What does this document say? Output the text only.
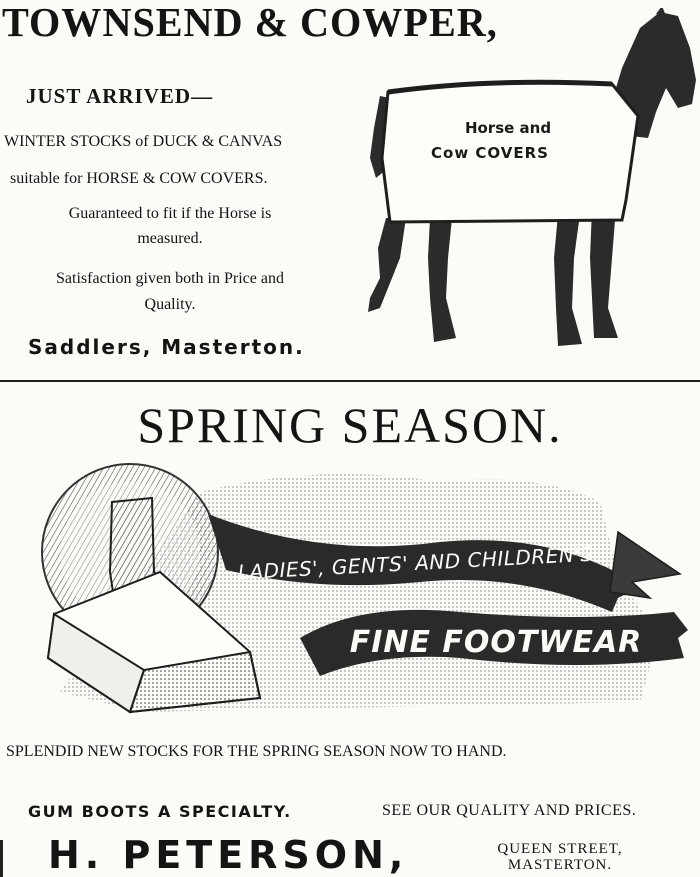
TOWNSEND & COWPER,
JUST ARRIVED—
WINTER STOCKS of DUCK & CANVAS
suitable for HORSE & COW COVERS.
Guaranteed to fit if the Horse is
measured.
Satisfaction given both in Price and
Quality.
Saddlers, Masterton.
Horse and
Cow COVERS
SPRING SEASON.
LADIES', GENTS' AND CHILDREN'S
FINE FOOTWEAR
SPLENDID NEW STOCKS FOR THE SPRING SEASON NOW TO HAND.
GUM BOOTS A SPECIALTY.	SEE OUR QUALITY AND PRICES.
H. PETERSON,	QUEEN STREET,
MASTERTON.
